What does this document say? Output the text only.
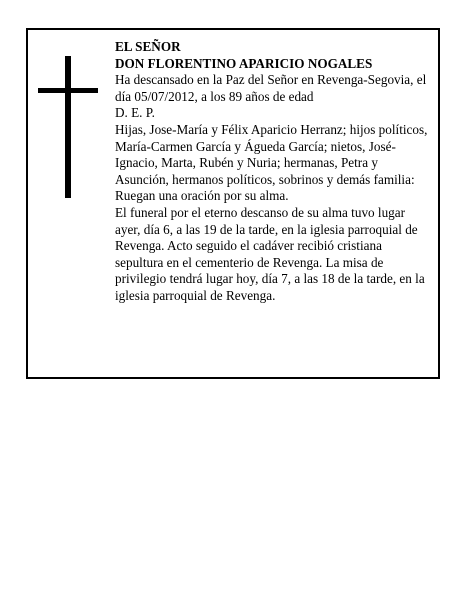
EL SEÑOR

DON FLORENTINO APARICIO NOGALES

Ha descansado en la Paz del Señor en Revenga-Segovia, el día 05/07/2012, a los 89 años de edad

D. E. P.

Hijas, Jose-María y Félix Aparicio Herranz; hijos políticos, María-Carmen García y Águeda García; nietos, José-Ignacio, Marta, Rubén y Nuria; hermanas, Petra y Asunción, hermanos políticos, sobrinos y demás familia:

Ruegan una oración por su alma.

El funeral por el eterno descanso de su alma tuvo lugar ayer, día 6, a las 19 de la tarde, en la iglesia parroquial de Revenga. Acto seguido el cadáver recibió cristiana sepultura en el cementerio de Revenga. La misa de privilegio tendrá lugar hoy, día 7, a las 18 de la tarde, en la iglesia parroquial de Revenga.
